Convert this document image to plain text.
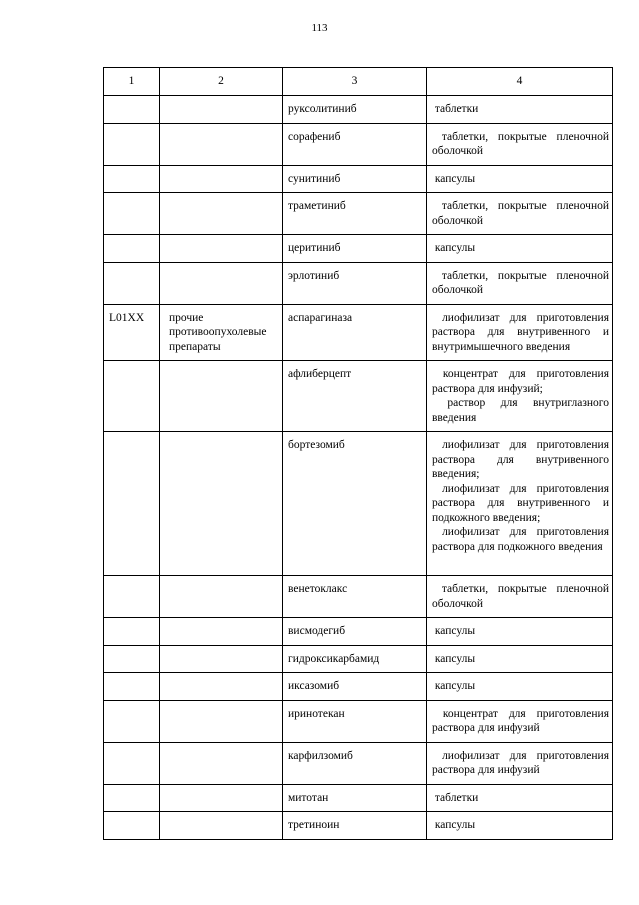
113
1	2	3	4

		руксолитиниб	таблетки

		сорафениб	таблетки, покрытые пленочной оболочкой

		сунитиниб	капсулы

		траметиниб	таблетки, покрытые пленочной оболочкой

		церитиниб	капсулы

		эрлотиниб	таблетки, покрытые пленочной оболочкой

L01XX	прочие противоопухолевые препараты	аспарагиназа	лиофилизат для приготовления раствора для внутривенного и внутримышечного введения

		афлиберцепт	концентрат для приготовления раствора для инфузий;
раствор для внутриглазного введения

		бортезомиб	лиофилизат для приготовления раствора для внутривенного введения;
лиофилизат для приготовления раствора для внутривенного и подкожного введения;
лиофилизат для приготовления раствора для подкожного введения

		венетоклакс	таблетки, покрытые пленочной оболочкой

		висмодегиб	капсулы

		гидроксикарбамид	капсулы

		иксазомиб	капсулы

		иринотекан	концентрат для приготовления раствора для инфузий

		карфилзомиб	лиофилизат для приготовления раствора для инфузий

		митотан	таблетки

		третиноин	капсулы
